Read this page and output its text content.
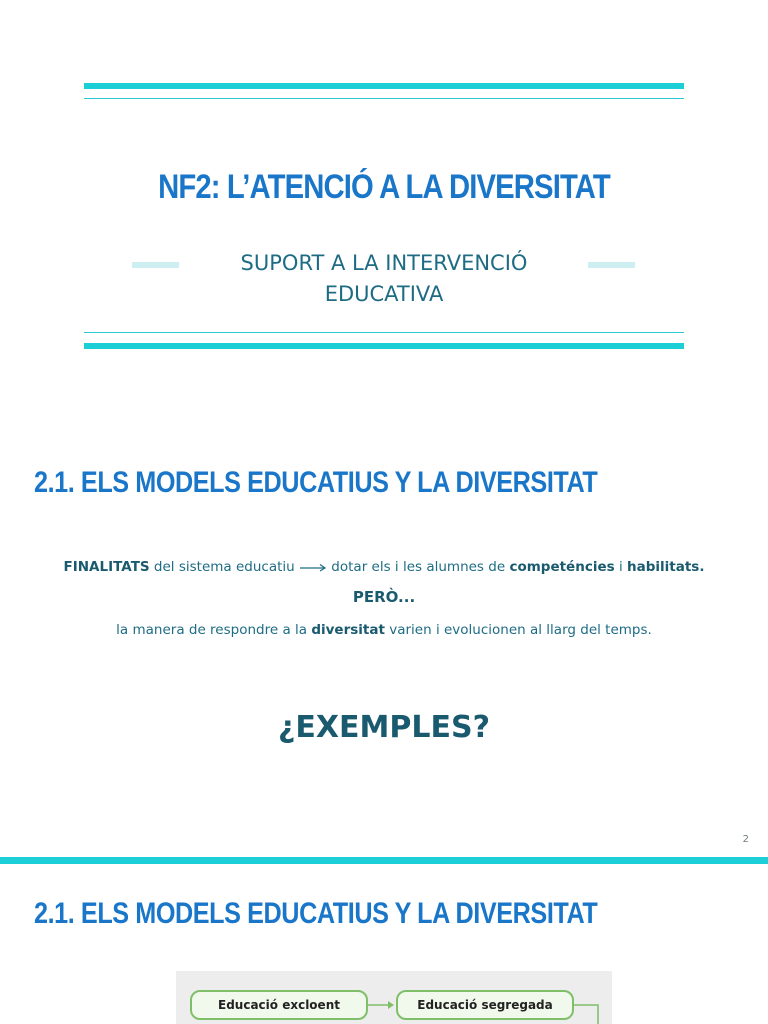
NF2: L’ATENCIÓ A LA DIVERSITAT
SUPORT A LA INTERVENCIÓ EDUCATIVA
2.1. ELS MODELS EDUCATIUS Y LA DIVERSITAT
FINALITATS del sistema educatiu	dotar els i les alumnes de competéncies i habilitats.
PERÒ...
la manera de respondre a la diversitat varien i evolucionen al llarg del temps.
¿EXEMPLES?
2
2.1. ELS MODELS EDUCATIUS Y LA DIVERSITAT
Educació excloent	Educació segregada
